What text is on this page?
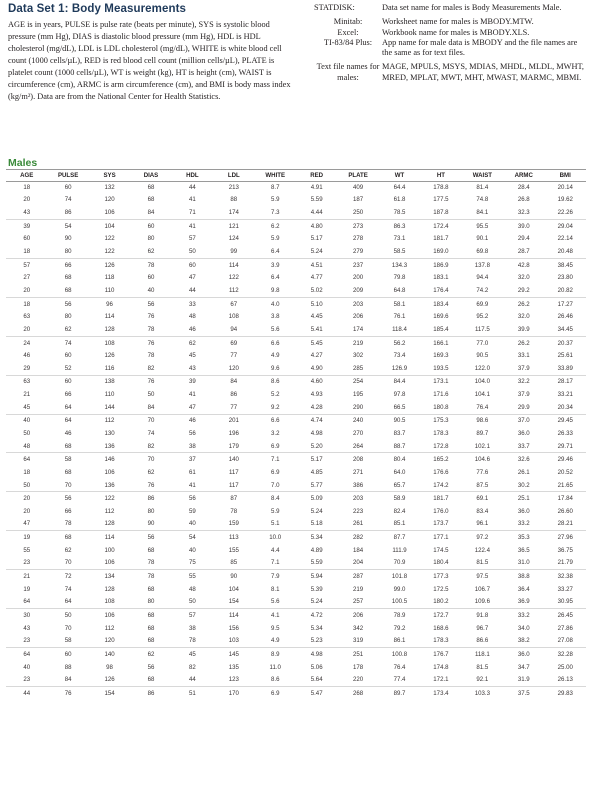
Data Set 1: Body Measurements
AGE is in years, PULSE is pulse rate (beats per minute), SYS is systolic blood pressure (mm Hg), DIAS is diastolic blood pressure (mm Hg), HDL is HDL cholesterol (mg/dL), LDL is LDL cholesterol (mg/dL), WHITE is white blood cell count (1000 cells/µL), RED is red blood cell count (million cells/µL), PLATE is platelet count (1000 cells/µL), WT is weight (kg), HT is height (cm), WAIST is circumference (cm), ARMC is arm circumference (cm), and BMI is body mass index (kg/m²). Data are from the National Center for Health Statistics.
STATDISK:	Data set name for males is Body Measurements Male.

Minitab:	Worksheet name for males is MBODY.MTW.
Excel:	Workbook name for males is MBODY.XLS.
TI-83/84 Plus:	App name for male data is MBODY and the file names are the same as for text files.

Text file names for males:	MAGE, MPULS, MSYS, MDIAS, MHDL, MLDL, MWHT, MRED, MPLAT, MWT, MHT, MWAST, MARMC, MBMI.
Males
AGE	PULSE	SYS	DIAS	HDL	LDL	WHITE	RED	PLATE	WT	HT	WAIST	ARMC	BMI
18	60	132	68	44	213	8.7	4.91	409	64.4	178.8	81.4	28.4	20.14
20	74	120	68	41	88	5.9	5.59	187	61.8	177.5	74.8	26.8	19.62
43	86	106	84	71	174	7.3	4.44	250	78.5	187.8	84.1	32.3	22.26
39	54	104	60	41	121	6.2	4.80	273	86.3	172.4	95.5	39.0	29.04
60	90	122	80	57	124	5.9	5.17	278	73.1	181.7	90.1	29.4	22.14
18	80	122	62	50	99	6.4	5.24	279	58.5	169.0	69.8	28.7	20.48
57	66	126	78	60	114	3.9	4.51	237	134.3	186.9	137.8	42.8	38.45
27	68	118	60	47	122	6.4	4.77	200	79.8	183.1	94.4	32.0	23.80
20	68	110	40	44	112	9.8	5.02	209	64.8	176.4	74.2	29.2	20.82
18	56	96	56	33	67	4.0	5.10	203	58.1	183.4	69.9	26.2	17.27
63	80	114	76	48	108	3.8	4.45	206	76.1	169.6	95.2	32.0	26.46
20	62	128	78	46	94	5.6	5.41	174	118.4	185.4	117.5	39.9	34.45
24	74	108	76	62	69	6.6	5.45	219	56.2	166.1	77.0	26.2	20.37
46	60	126	78	45	77	4.9	4.27	302	73.4	169.3	90.5	33.1	25.61
29	52	116	82	43	120	9.6	4.90	285	126.9	193.5	122.0	37.9	33.89
63	60	138	76	39	84	8.6	4.60	254	84.4	173.1	104.0	32.2	28.17
21	66	110	50	41	86	5.2	4.93	195	97.8	171.6	104.1	37.9	33.21
45	64	144	84	47	77	9.2	4.28	290	66.5	180.8	76.4	29.9	20.34
40	64	112	70	46	201	6.6	4.74	240	90.5	175.3	98.6	37.0	29.45
50	46	130	74	56	196	3.2	4.98	270	83.7	178.3	89.7	36.0	26.33
48	68	136	82	38	179	6.9	5.20	264	88.7	172.8	102.1	33.7	29.71
64	58	146	70	37	140	7.1	5.17	208	80.4	165.2	104.6	32.6	29.46
18	68	106	62	61	117	6.9	4.85	271	64.0	176.6	77.6	26.1	20.52
50	70	136	76	41	117	7.0	5.77	386	65.7	174.2	87.5	30.2	21.65
20	56	122	86	56	87	8.4	5.09	203	58.9	181.7	69.1	25.1	17.84
20	66	112	80	59	78	5.9	5.24	223	82.4	176.0	83.4	36.0	26.60
47	78	128	90	40	159	5.1	5.18	261	85.1	173.7	96.1	33.2	28.21
19	68	114	56	54	113	10.0	5.34	282	87.7	177.1	97.2	35.3	27.96
55	62	100	68	40	155	4.4	4.89	184	111.9	174.5	122.4	36.5	36.75
23	70	106	78	75	85	7.1	5.59	204	70.9	180.4	81.5	31.0	21.79
21	72	134	78	55	90	7.9	5.94	287	101.8	177.3	97.5	38.8	32.38
19	74	128	68	48	104	8.1	5.39	219	99.0	172.5	106.7	36.4	33.27
64	64	108	80	50	154	5.6	5.24	257	100.5	180.2	109.6	36.9	30.95
30	50	106	68	57	114	4.1	4.72	206	78.9	172.7	91.8	33.2	26.45
43	70	112	68	38	156	9.5	5.34	342	79.2	168.6	96.7	34.0	27.86
23	58	120	68	78	103	4.9	5.23	319	86.1	178.3	86.6	38.2	27.08
64	60	140	62	45	145	8.9	4.98	251	100.8	176.7	118.1	36.0	32.28
40	88	98	56	82	135	11.0	5.06	178	76.4	174.8	81.5	34.7	25.00
23	84	126	68	44	123	8.6	5.64	220	77.4	172.1	92.1	31.9	26.13
44	76	154	86	51	170	6.9	5.47	268	89.7	173.4	103.3	37.5	29.83
